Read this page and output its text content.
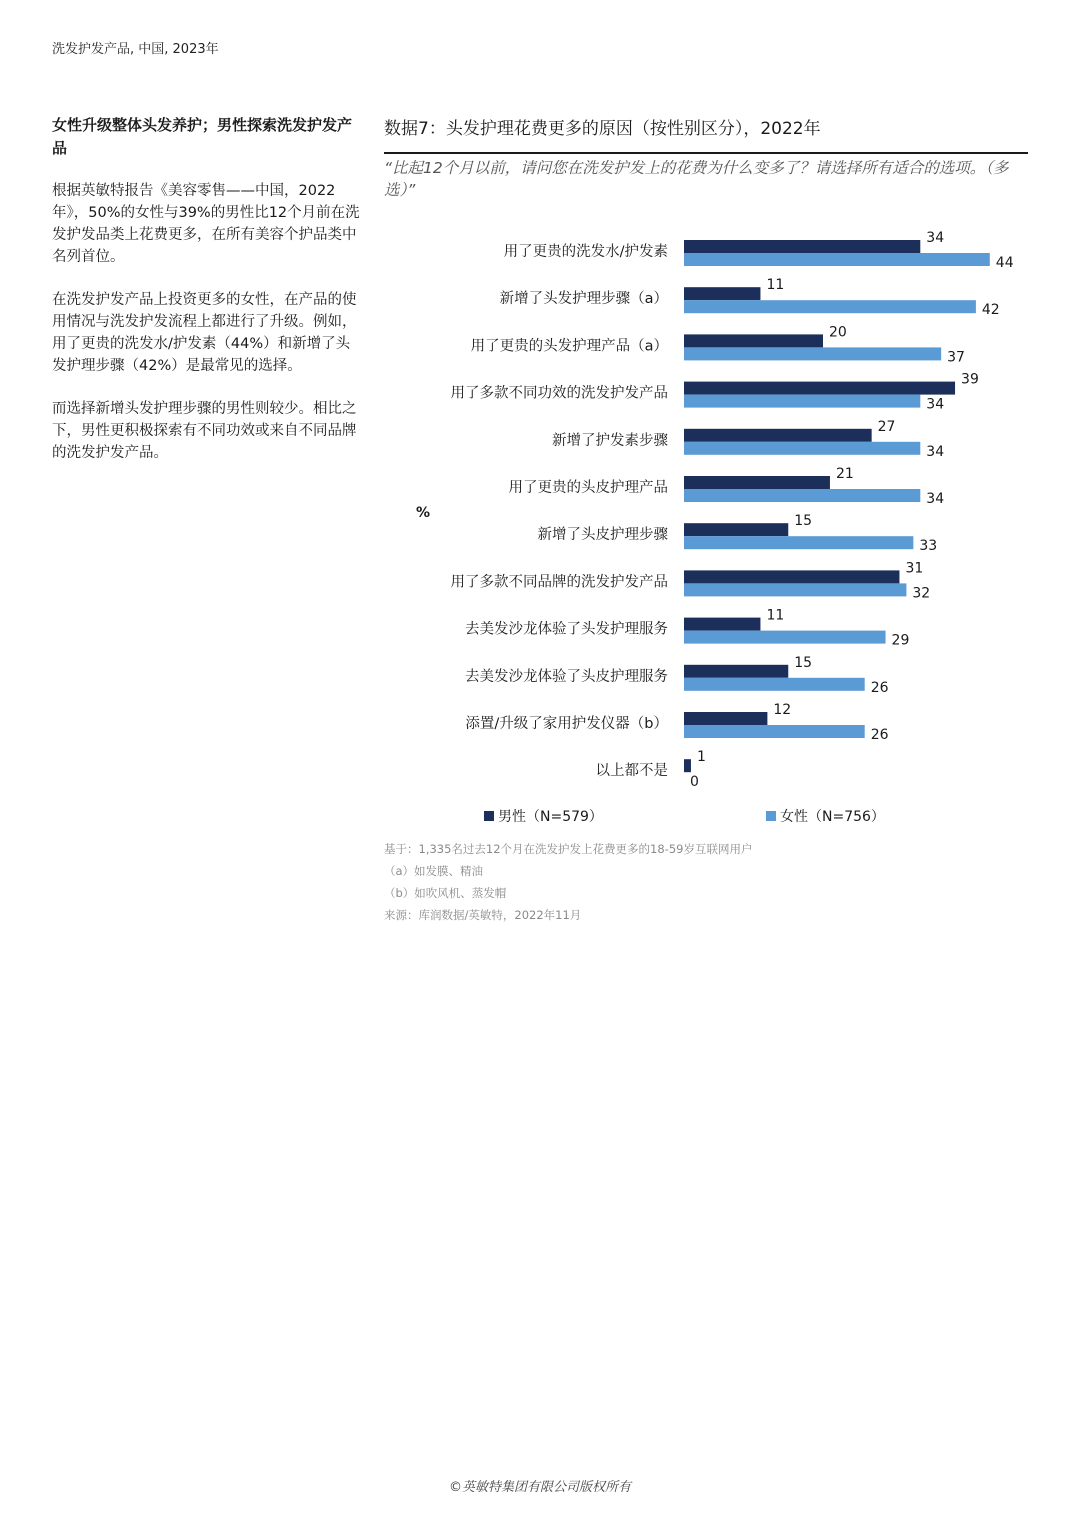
洗发护发产品, 中国, 2023年
女性升级整体头发养护；男性探索洗发护发产品

根据英敏特报告《美容零售——中国，2022年》，50%的女性与39%的男性比12个月前在洗发护发品类上花费更多，在所有美容个护品类中名列首位。

在洗发护发产品上投资更多的女性，在产品的使用情况与洗发护发流程上都进行了升级。例如，用了更贵的洗发水/护发素（44%）和新增了头发护理步骤（42%）是最常见的选择。

而选择新增头发护理步骤的男性则较少。相比之下，男性更积极探索有不同功效或来自不同品牌的洗发护发产品。

数据7：头发护理花费更多的原因（按性别区分），2022年
“比起12个月以前，请问您在洗发护发上的花费为什么变多了？请选择所有适合的选项。（多选）”
%
用了更贵的洗发水/护发素
34
44
新增了头发护理步骤（a）
11
42
用了更贵的头发护理产品（a）
20
37
用了多款不同功效的洗发护发产品
39
34
新增了护发素步骤
27
34
用了更贵的头皮护理产品
21
34
新增了头皮护理步骤
15
33
用了多款不同品牌的洗发护发产品
31
32
去美发沙龙体验了头发护理服务
11
29
去美发沙龙体验了头皮护理服务
15
26
添置/升级了家用护发仪器（b）
12
26
以上都不是
1
0
男性（N=579）	女性（N=756）
基于：1,335名过去12个月在洗发护发上花费更多的18-59岁互联网用户
（a）如发膜、精油
（b）如吹风机、蒸发帽
来源：库润数据/英敏特，2022年11月
©英敏特集团有限公司版权所有
